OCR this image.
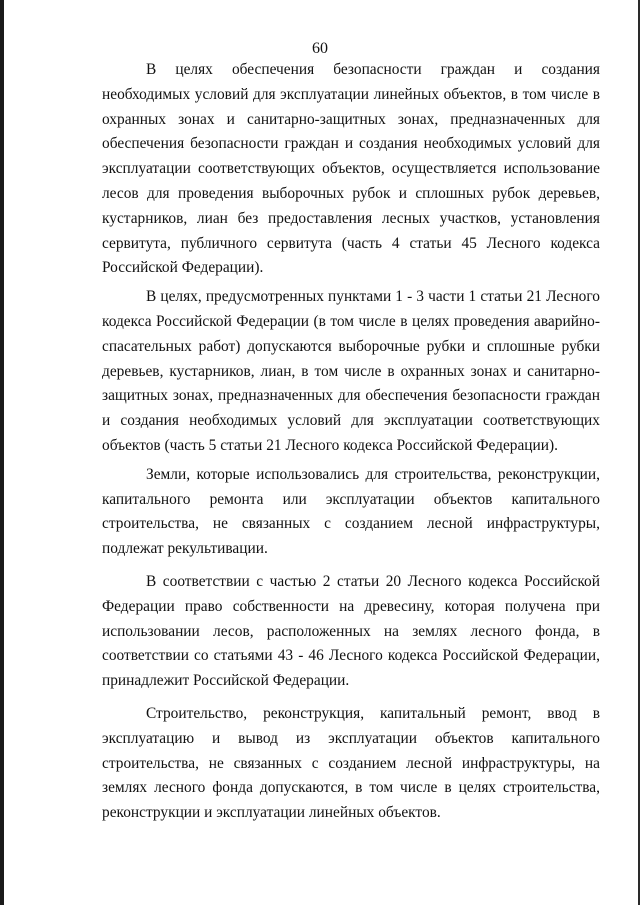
60

В целях обеспечения безопасности граждан и создания необходимых условий для эксплуатации линейных объектов, в том числе в охранных зонах и санитарно-защитных зонах, предназначенных для обеспечения безопасности граждан и создания необходимых условий для эксплуатации соответствующих объектов, осуществляется использование лесов для проведения выборочных рубок и сплошных рубок деревьев, кустарников, лиан без предоставления лесных участков, установления сервитута, публичного сервитута (часть 4 статьи 45 Лесного кодекса Российской Федерации).

В целях, предусмотренных пунктами 1 - 3 части 1 статьи 21 Лесного кодекса Российской Федерации (в том числе в целях проведения аварийно-спасательных работ) допускаются выборочные рубки и сплошные рубки деревьев, кустарников, лиан, в том числе в охранных зонах и санитарно-защитных зонах, предназначенных для обеспечения безопасности граждан и создания необходимых условий для эксплуатации соответствующих объектов (часть 5 статьи 21 Лесного кодекса Российской Федерации).

Земли, которые использовались для строительства, реконструкции, капитального ремонта или эксплуатации объектов капитального строительства, не связанных с созданием лесной инфраструктуры, подлежат рекультивации.

В соответствии с частью 2 статьи 20 Лесного кодекса Российской Федерации право собственности на древесину, которая получена при использовании лесов, расположенных на землях лесного фонда, в соответствии со статьями 43 - 46 Лесного кодекса Российской Федерации, принадлежит Российской Федерации.

Строительство, реконструкция, капитальный ремонт, ввод в эксплуатацию и вывод из эксплуатации объектов капитального строительства, не связанных с созданием лесной инфраструктуры, на землях лесного фонда допускаются, в том числе в целях строительства, реконструкции и эксплуатации линейных объектов.
